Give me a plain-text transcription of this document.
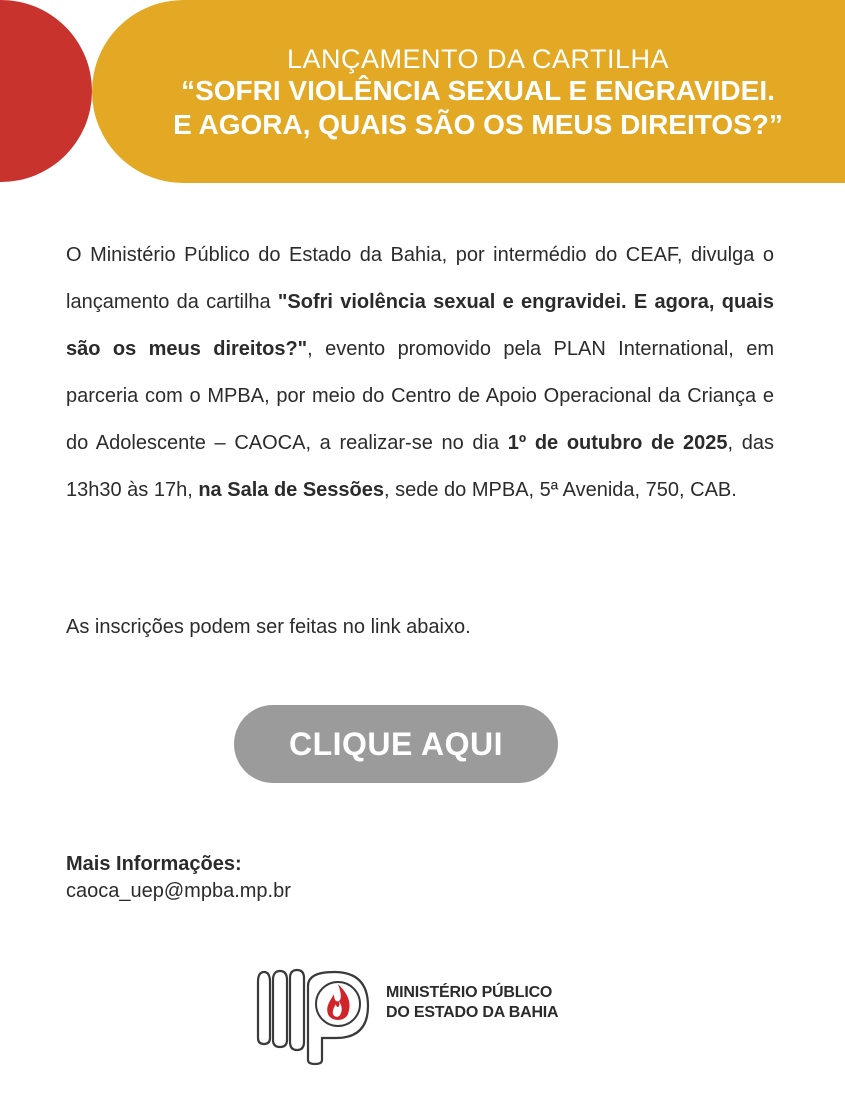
LANÇAMENTO DA CARTILHA
“SOFRI VIOLÊNCIA SEXUAL E ENGRAVIDEI.
E AGORA, QUAIS SÃO OS MEUS DIREITOS?”
O Ministério Público do Estado da Bahia, por intermédio do CEAF, divulga o lançamento da cartilha "Sofri violência sexual e engravidei. E agora, quais são os meus direitos?", evento promovido pela PLAN International, em parceria com o MPBA, por meio do Centro de Apoio Operacional da Criança e do Adolescente – CAOCA, a realizar-se no dia 1º de outubro de 2025, das 13h30 às 17h, na Sala de Sessões, sede do MPBA, 5ª Avenida, 750, CAB.
As inscrições podem ser feitas no link abaixo.
CLIQUE AQUI
Mais Informações:
caoca_uep@mpba.mp.br
MINISTÉRIO PÚBLICO
DO ESTADO DA BAHIA
